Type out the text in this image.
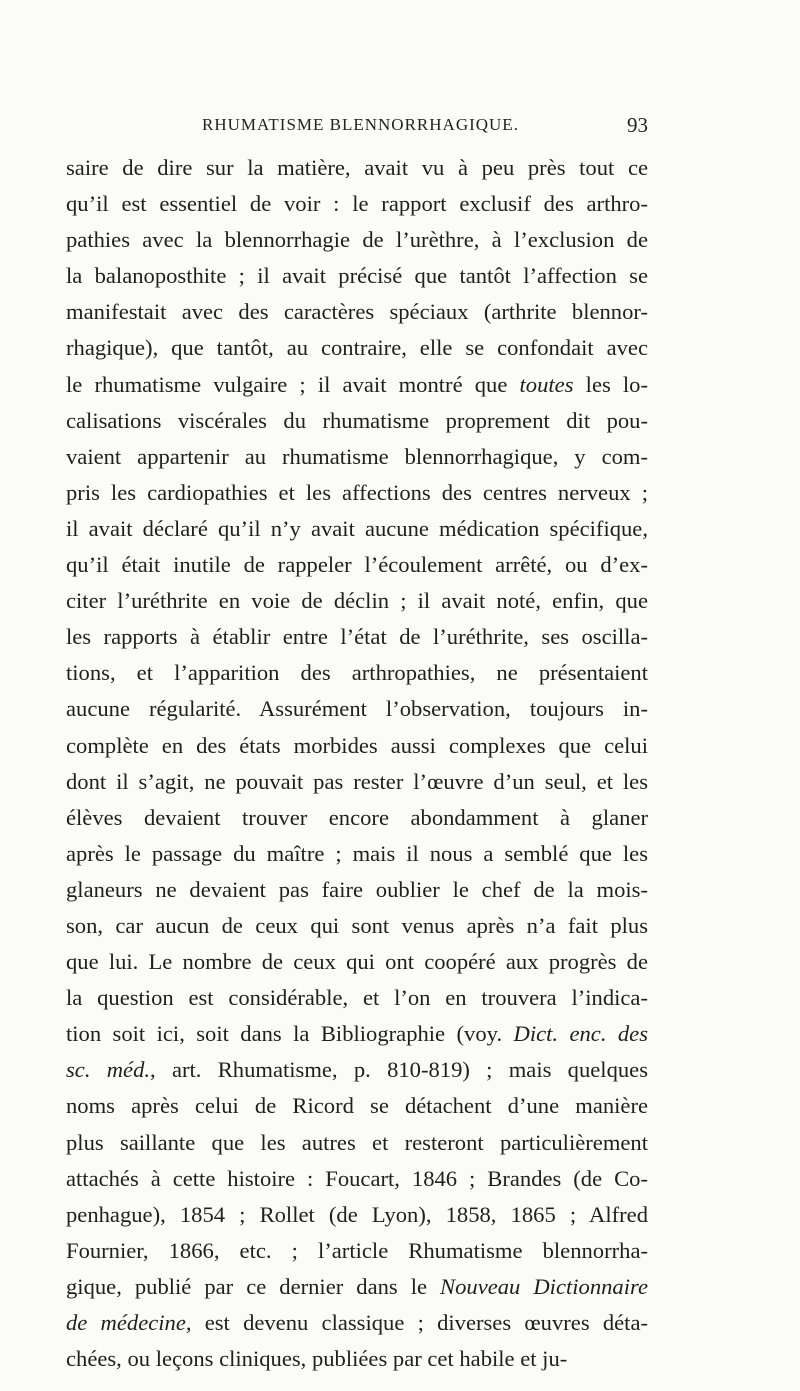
RHUMATISME BLENNORRHAGIQUE.	93
saire de dire sur la matière, avait vu à peu près tout ce
qu’il est essentiel de voir : le rapport exclusif des arthro-
pathies avec la blennorrhagie de l’urèthre, à l’exclusion de
la balanoposthite ; il avait précisé que tantôt l’affection se
manifestait avec des caractères spéciaux (arthrite blennor-
rhagique), que tantôt, au contraire, elle se confondait avec
le rhumatisme vulgaire ; il avait montré que toutes les lo-
calisations viscérales du rhumatisme proprement dit pou-
vaient appartenir au rhumatisme blennorrhagique, y com-
pris les cardiopathies et les affections des centres nerveux ;
il avait déclaré qu’il n’y avait aucune médication spécifique,
qu’il était inutile de rappeler l’écoulement arrêté, ou d’ex-
citer l’uréthrite en voie de déclin ; il avait noté, enfin, que
les rapports à établir entre l’état de l’uréthrite, ses oscilla-
tions, et l’apparition des arthropathies, ne présentaient
aucune régularité. Assurément l’observation, toujours in-
complète en des états morbides aussi complexes que celui
dont il s’agit, ne pouvait pas rester l’œuvre d’un seul, et les
élèves devaient trouver encore abondamment à glaner
après le passage du maître ; mais il nous a semblé que les
glaneurs ne devaient pas faire oublier le chef de la mois-
son, car aucun de ceux qui sont venus après n’a fait plus
que lui. Le nombre de ceux qui ont coopéré aux progrès de
la question est considérable, et l’on en trouvera l’indica-
tion soit ici, soit dans la Bibliographie (voy. Dict. enc. des
sc. méd., art. Rhumatisme, p. 810-819) ; mais quelques
noms après celui de Ricord se détachent d’une manière
plus saillante que les autres et resteront particulièrement
attachés à cette histoire : Foucart, 1846 ; Brandes (de Co-
penhague), 1854 ; Rollet (de Lyon), 1858, 1865 ; Alfred
Fournier, 1866, etc. ; l’article Rhumatisme blennorrha-
gique, publié par ce dernier dans le Nouveau Dictionnaire
de médecine, est devenu classique ; diverses œuvres déta-
chées, ou leçons cliniques, publiées par cet habile et ju-
